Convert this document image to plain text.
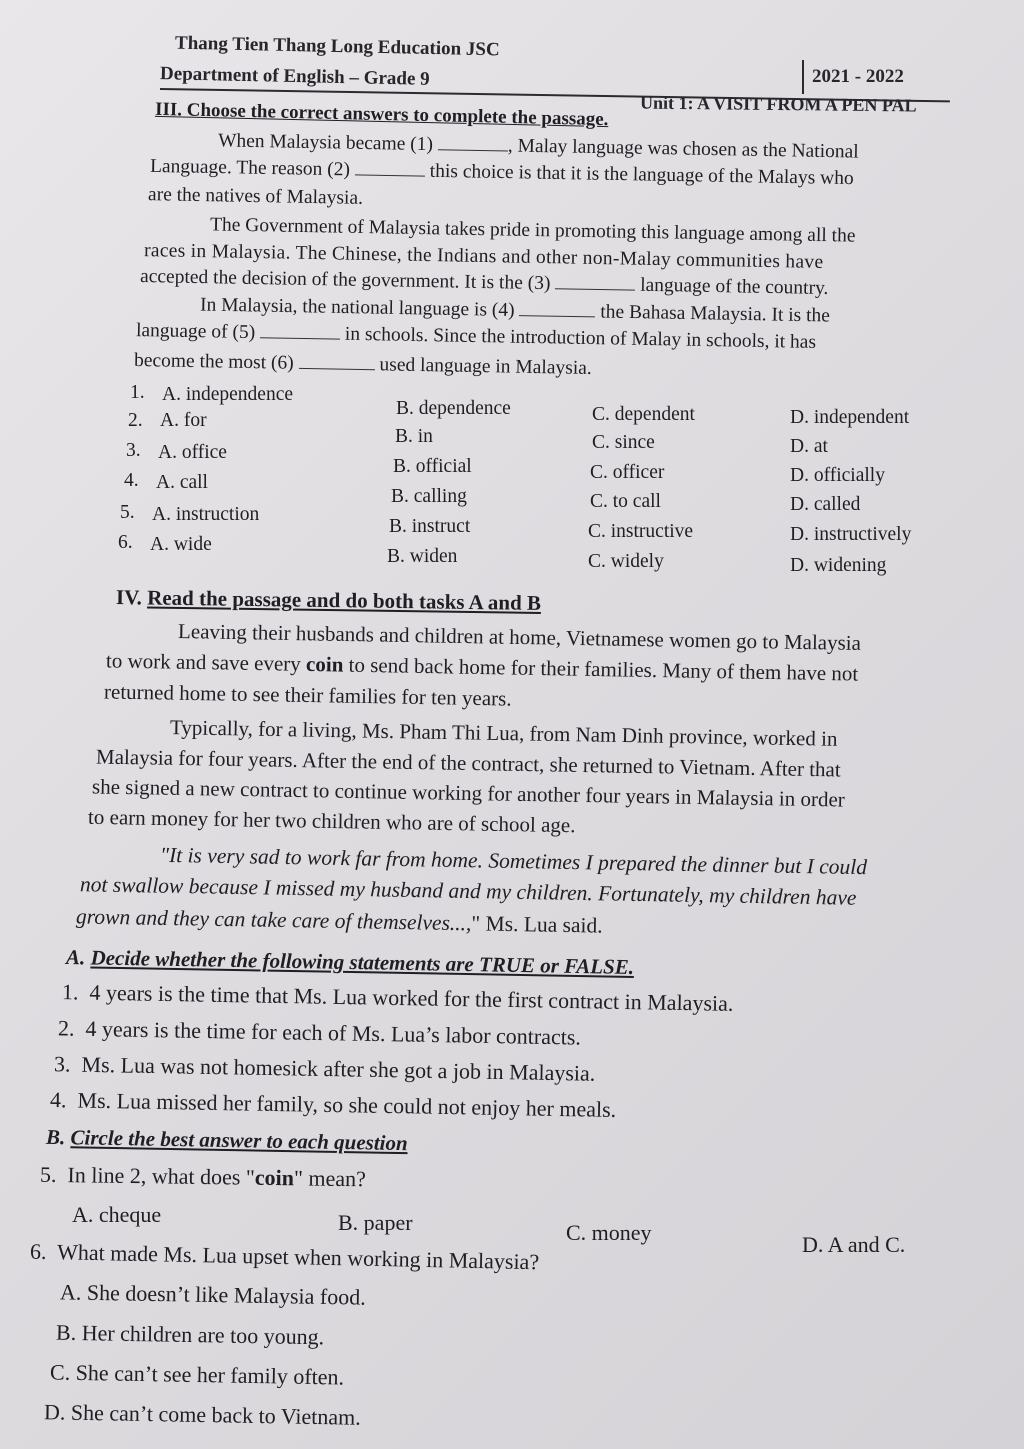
Thang Tien Thang Long Education JSC
Department of English – Grade 9	2021 - 2022
Unit 1: A VISIT FROM A PEN PAL
III. Choose the correct answers to complete the passage.
When Malaysia became (1)	, Malay language was chosen as the National
Language. The reason (2)	this choice is that it is the language of the Malays who
are the natives of Malaysia.
The Government of Malaysia takes pride in promoting this language among all the
races in Malaysia. The Chinese, the Indians and other non-Malay communities have
accepted the decision of the government. It is the (3)	language of the country.
In Malaysia, the national language is (4)	the Bahasa Malaysia. It is the
language of (5)	in schools. Since the introduction of Malay in schools, it has
become the most (6)	used language in Malaysia.
1. A. independence
B. dependence	C. dependent	D. independent
2. A. for
B. in	C. since	D. at
3. A. office
B. official	C. officer	D. officially
4. A. call
B. calling	C. to call	D. called
5. A. instruction
B. instruct	C. instructive	D. instructively
6. A. wide
B. widen	C. widely	D. widening
IV. Read the passage and do both tasks A and B
Leaving their husbands and children at home, Vietnamese women go to Malaysia
to work and save every coin to send back home for their families. Many of them have not
returned home to see their families for ten years.
Typically, for a living, Ms. Pham Thi Lua, from Nam Dinh province, worked in
Malaysia for four years. After the end of the contract, she returned to Vietnam. After that
she signed a new contract to continue working for another four years in Malaysia in order
to earn money for her two children who are of school age.
"It is very sad to work far from home. Sometimes I prepared the dinner but I could
not swallow because I missed my husband and my children. Fortunately, my children have
grown and they can take care of themselves...," Ms. Lua said.
A. Decide whether the following statements are TRUE or FALSE.
1. 4 years is the time that Ms. Lua worked for the first contract in Malaysia.
2. 4 years is the time for each of Ms. Lua’s labor contracts.
3. Ms. Lua was not homesick after she got a job in Malaysia.
4. Ms. Lua missed her family, so she could not enjoy her meals.
B. Circle the best answer to each question
5. In line 2, what does "coin" mean?
A. cheque	B. paper	C. money	D. A and C.
6. What made Ms. Lua upset when working in Malaysia?
A. She doesn’t like Malaysia food.
B. Her children are too young.
C. She can’t see her family often.
D. She can’t come back to Vietnam.
